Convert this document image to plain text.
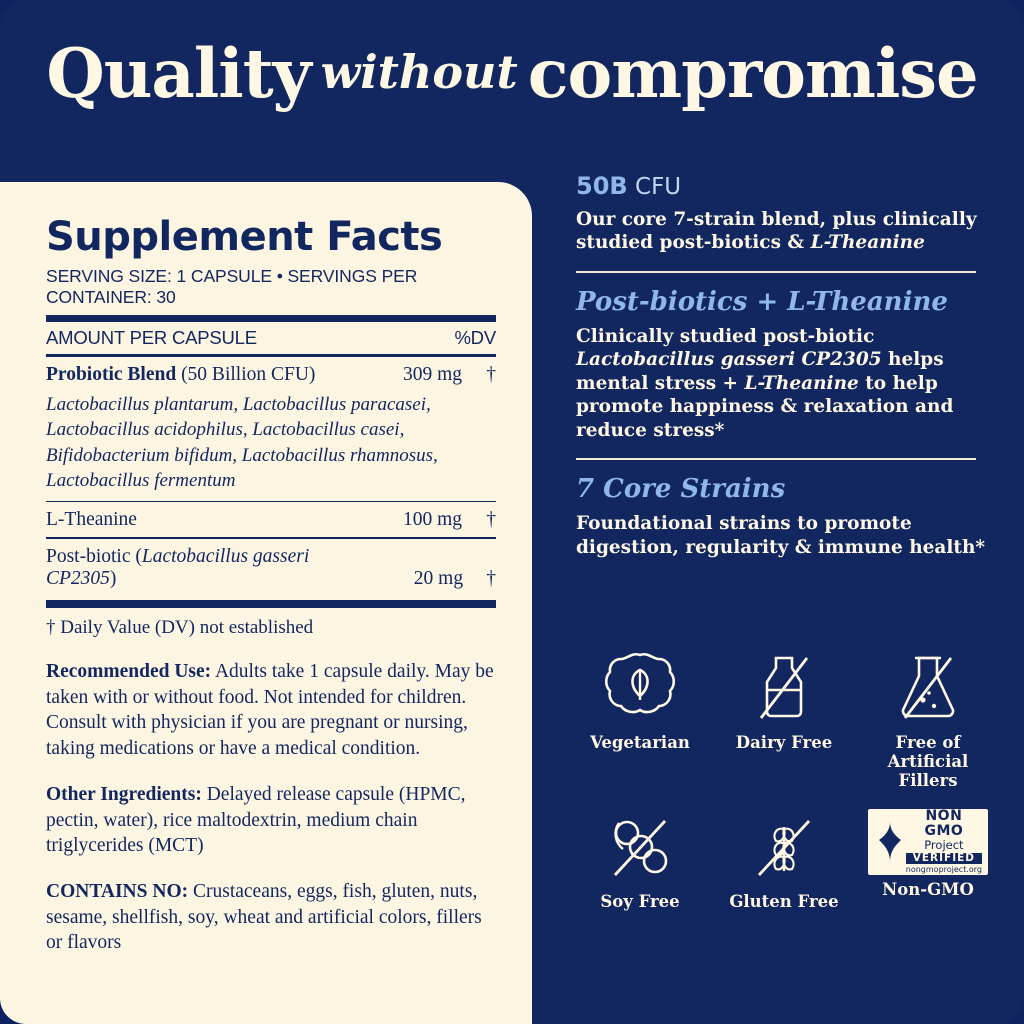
Quality without compromise
Supplement Facts
SERVING SIZE: 1 CAPSULE • SERVINGS PER CONTAINER: 30
AMOUNT PER CAPSULE	%DV
Probiotic Blend (50 Billion CFU)	309 mg	†
Lactobacillus plantarum, Lactobacillus paracasei, Lactobacillus acidophilus, Lactobacillus casei, Bifidobacterium bifidum, Lactobacillus rhamnosus, Lactobacillus fermentum
L-Theanine	100 mg	†
Post-biotic (Lactobacillus gasseri CP2305)	20 mg	†
† Daily Value (DV) not established
Recommended Use: Adults take 1 capsule daily. May be taken with or without food. Not intended for children. Consult with physician if you are pregnant or nursing, taking medications or have a medical condition.
Other Ingredients: Delayed release capsule (HPMC, pectin, water), rice maltodextrin, medium chain triglycerides (MCT)
CONTAINS NO: Crustaceans, eggs, fish, gluten, nuts, sesame, shellfish, soy, wheat and artificial colors, fillers or flavors
50B CFU
Our core 7-strain blend, plus clinically studied post-biotics & L-Theanine
Post-biotics + L-Theanine
Clinically studied post-biotic Lactobacillus gasseri CP2305 helps mental stress + L-Theanine to help promote happiness & relaxation and reduce stress*
7 Core Strains
Foundational strains to promote digestion, regularity & immune health*
Vegetarian	Dairy Free	Free of Artificial Fillers
Soy Free	Gluten Free
NON
GMO
Project
VERIFIED
nongmoproject.org
Non-GMO
